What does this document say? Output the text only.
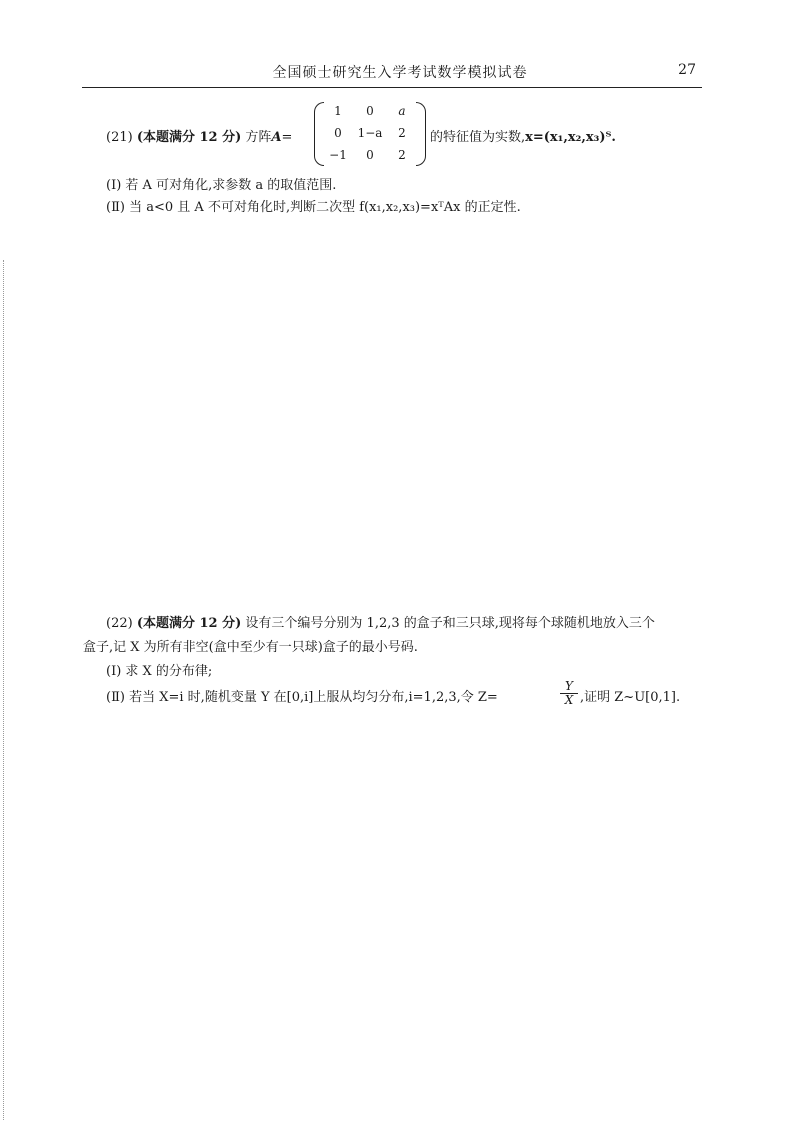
全国硕士研究生入学考试数学模拟试卷	27
(21) (本题满分 12 分) 方阵A=
1	0	a
0	1−a	2
−1	0	2
的特征值为实数,x=(x₁,x₂,x₃)ᵀ.
(Ⅰ) 若 A 可对角化,求参数 a 的取值范围.
(Ⅱ) 当 a<0 且 A 不可对角化时,判断二次型 f(x₁,x₂,x₃)=xᵀAx 的正定性.
(22) (本题满分 12 分) 设有三个编号分别为 1,2,3 的盒子和三只球,现将每个球随机地放入三个
盒子,记 X 为所有非空(盒中至少有一只球)盒子的最小号码.
(Ⅰ) 求 X 的分布律;
(Ⅱ) 若当 X=i 时,随机变量 Y 在[0,i]上服从均匀分布,i=1,2,3,令 Z=	$\frac{Y}{X}$ ,证明 Z~U[0,1].
